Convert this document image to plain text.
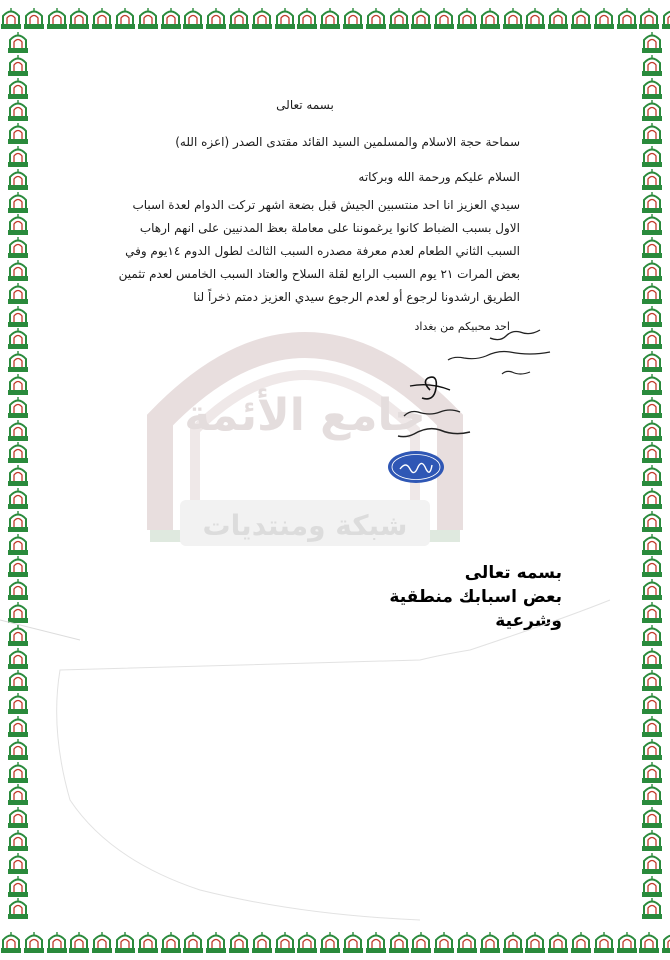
جامع الأئمة
شبكة ومنتديات
بسمه تعالى
سماحة حجة الاسلام والمسلمين السيد القائد مقتدى الصدر (اعزه الله)
السلام عليكم ورحمة الله وبركاته
سيدي العزيز انا احد منتسبين الجيش قبل بضعة اشهر تركت الدوام لعدة اسباب
الاول بسبب الضباط كانوا يرغموننا على معاملة بعظ المدنيين على انهم ارهاب
السبب الثاني الطعام لعدم معرفة مصدره السبب الثالث لطول الدوم ١٤يوم وفي
بعض المرات ٢١ يوم السبب الرابع لقلة السلاح والعتاد السبب الخامس لعدم تثمين
الطريق ارشدونا لرجوع أو لعدم الرجوع سيدي العزيز دمتم ذخراً لنا
احد محبيكم من بغداد
بسمه تعالى
بعض اسبابك منطقية
وشرعية
